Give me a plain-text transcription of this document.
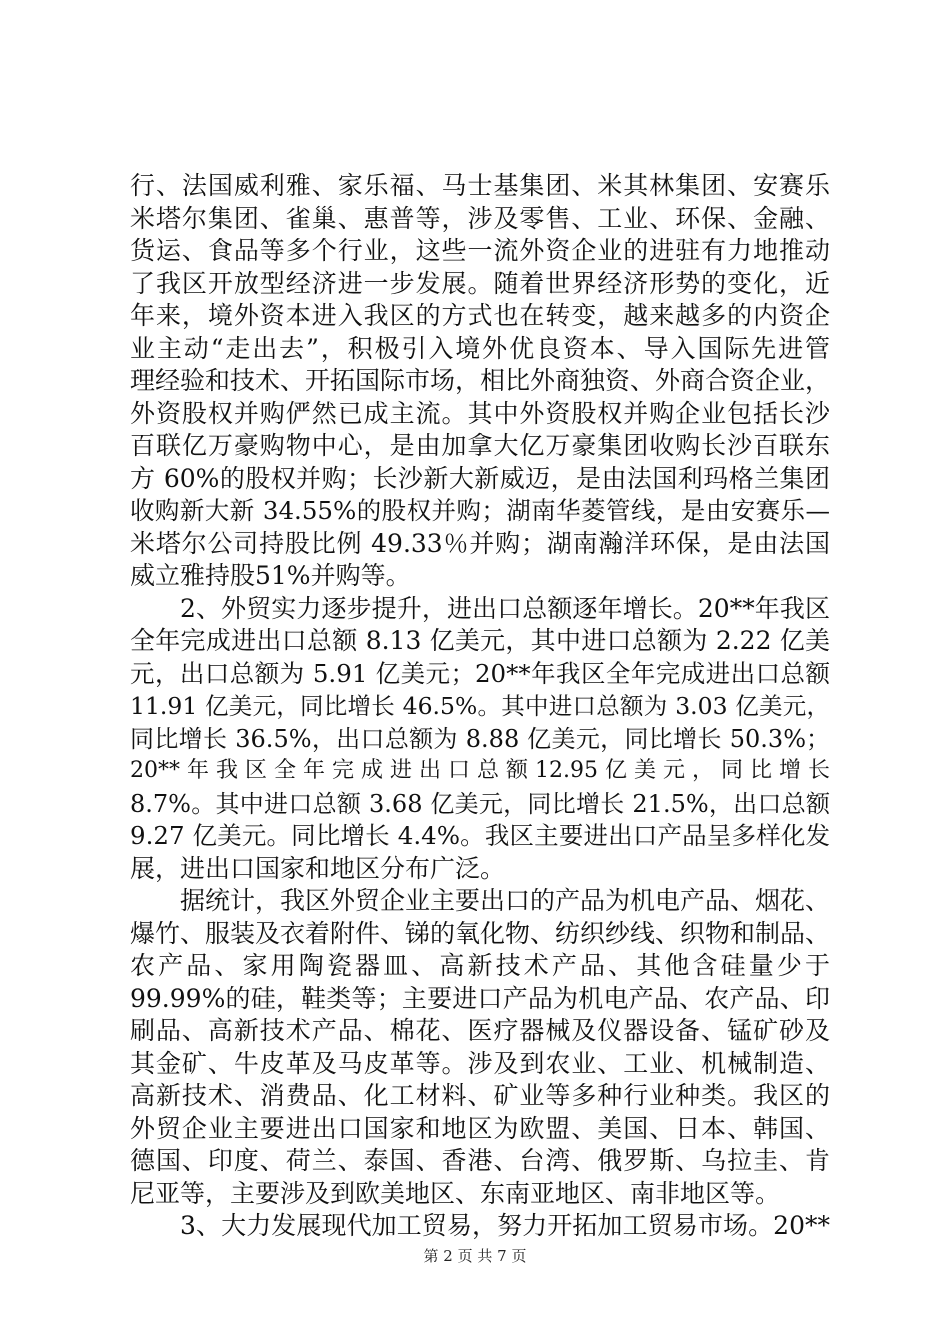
行、法国威利雅、家乐福、马士基集团、米其林集团、安赛乐
米塔尔集团、雀巢、惠普等，涉及零售、工业、环保、金融、
货运、食品等多个行业，这些一流外资企业的进驻有力地推动
了我区开放型经济进一步发展。随着世界经济形势的变化，近
年来，境外资本进入我区的方式也在转变，越来越多的内资企
业主动“走出去”，积极引入境外优良资本、导入国际先进管
理经验和技术、开拓国际市场，相比外商独资、外商合资企业，
外资股权并购俨然已成主流。其中外资股权并购企业包括长沙
百联亿万豪购物中心，是由加拿大亿万豪集团收购长沙百联东
方 60%的股权并购；长沙新大新威迈，是由法国利玛格兰集团
收购新大新 34.55%的股权并购；湖南华菱管线，是由安赛乐—
米塔尔公司持股比例 49.33％并购；湖南瀚洋环保，是由法国
威立雅持股51%并购等。
2、外贸实力逐步提升，进出口总额逐年增长。20**年我区
全年完成进出口总额 8.13 亿美元，其中进口总额为 2.22 亿美
元，出口总额为 5.91 亿美元；20**年我区全年完成进出口总额
11.91 亿美元，同比增长 46.5%。其中进口总额为 3.03 亿美元，
同比增长 36.5%，出口总额为 8.88 亿美元，同比增长 50.3%；
20** 年 我 区 全 年 完 成 进 出 口 总 额 12.95 亿 美 元 ， 同 比 增 长
8.7%。其中进口总额 3.68 亿美元，同比增长 21.5%，出口总额
9.27 亿美元。同比增长 4.4%。我区主要进出口产品呈多样化发
展，进出口国家和地区分布广泛。
据统计，我区外贸企业主要出口的产品为机电产品、烟花、
爆竹、服装及衣着附件、锑的氧化物、纺织纱线、织物和制品、
农产品、家用陶瓷器皿、高新技术产品、其他含硅量少于
99.99%的硅，鞋类等；主要进口产品为机电产品、农产品、印
刷品、高新技术产品、棉花、医疗器械及仪器设备、锰矿砂及
其金矿、牛皮革及马皮革等。涉及到农业、工业、机械制造、
高新技术、消费品、化工材料、矿业等多种行业种类。我区的
外贸企业主要进出口国家和地区为欧盟、美国、日本、韩国、
德国、印度、荷兰、泰国、香港、台湾、俄罗斯、乌拉圭、肯
尼亚等，主要涉及到欧美地区、东南亚地区、南非地区等。
3、大力发展现代加工贸易，努力开拓加工贸易市场。20**
第 2 页 共 7 页
